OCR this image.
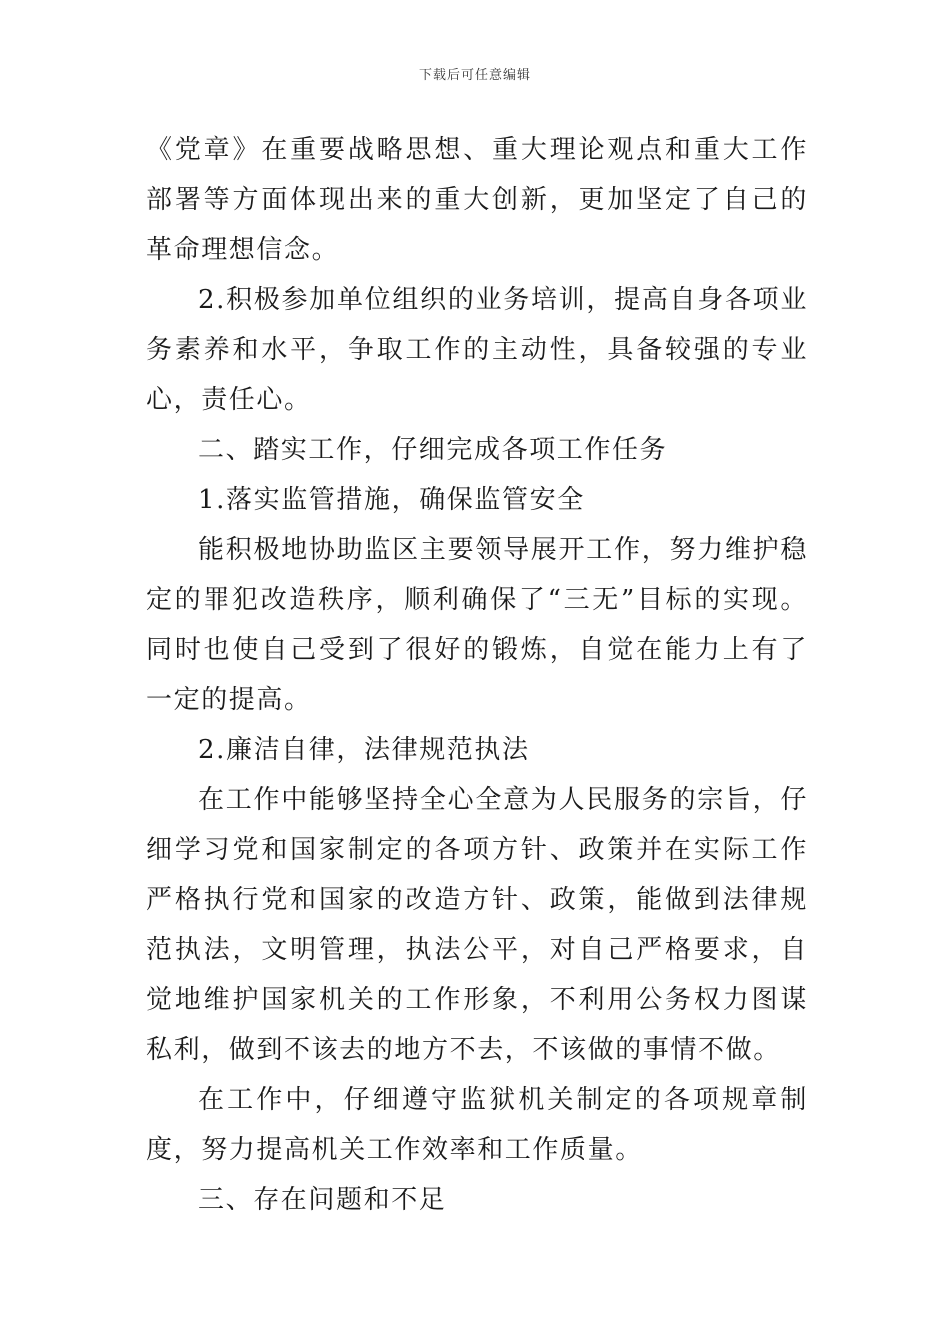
下载后可任意编辑

《党章》在重要战略思想、重大理论观点和重大工作部署等方面体现出来的重大创新，更加坚定了自己的革命理想信念。

2.积极参加单位组织的业务培训，提高自身各项业务素养和水平，争取工作的主动性，具备较强的专业心，责任心。

二、踏实工作，仔细完成各项工作任务

1.落实监管措施，确保监管安全

能积极地协助监区主要领导展开工作，努力维护稳定的罪犯改造秩序，顺利确保了“三无”目标的实现。同时也使自己受到了很好的锻炼，自觉在能力上有了一定的提高。

2.廉洁自律，法律规范执法

在工作中能够坚持全心全意为人民服务的宗旨，仔细学习党和国家制定的各项方针、政策并在实际工作严格执行党和国家的改造方针、政策，能做到法律规范执法，文明管理，执法公平，对自己严格要求，自觉地维护国家机关的工作形象，不利用公务权力图谋私利，做到不该去的地方不去，不该做的事情不做。

在工作中，仔细遵守监狱机关制定的各项规章制度，努力提高机关工作效率和工作质量。

三、存在问题和不足
